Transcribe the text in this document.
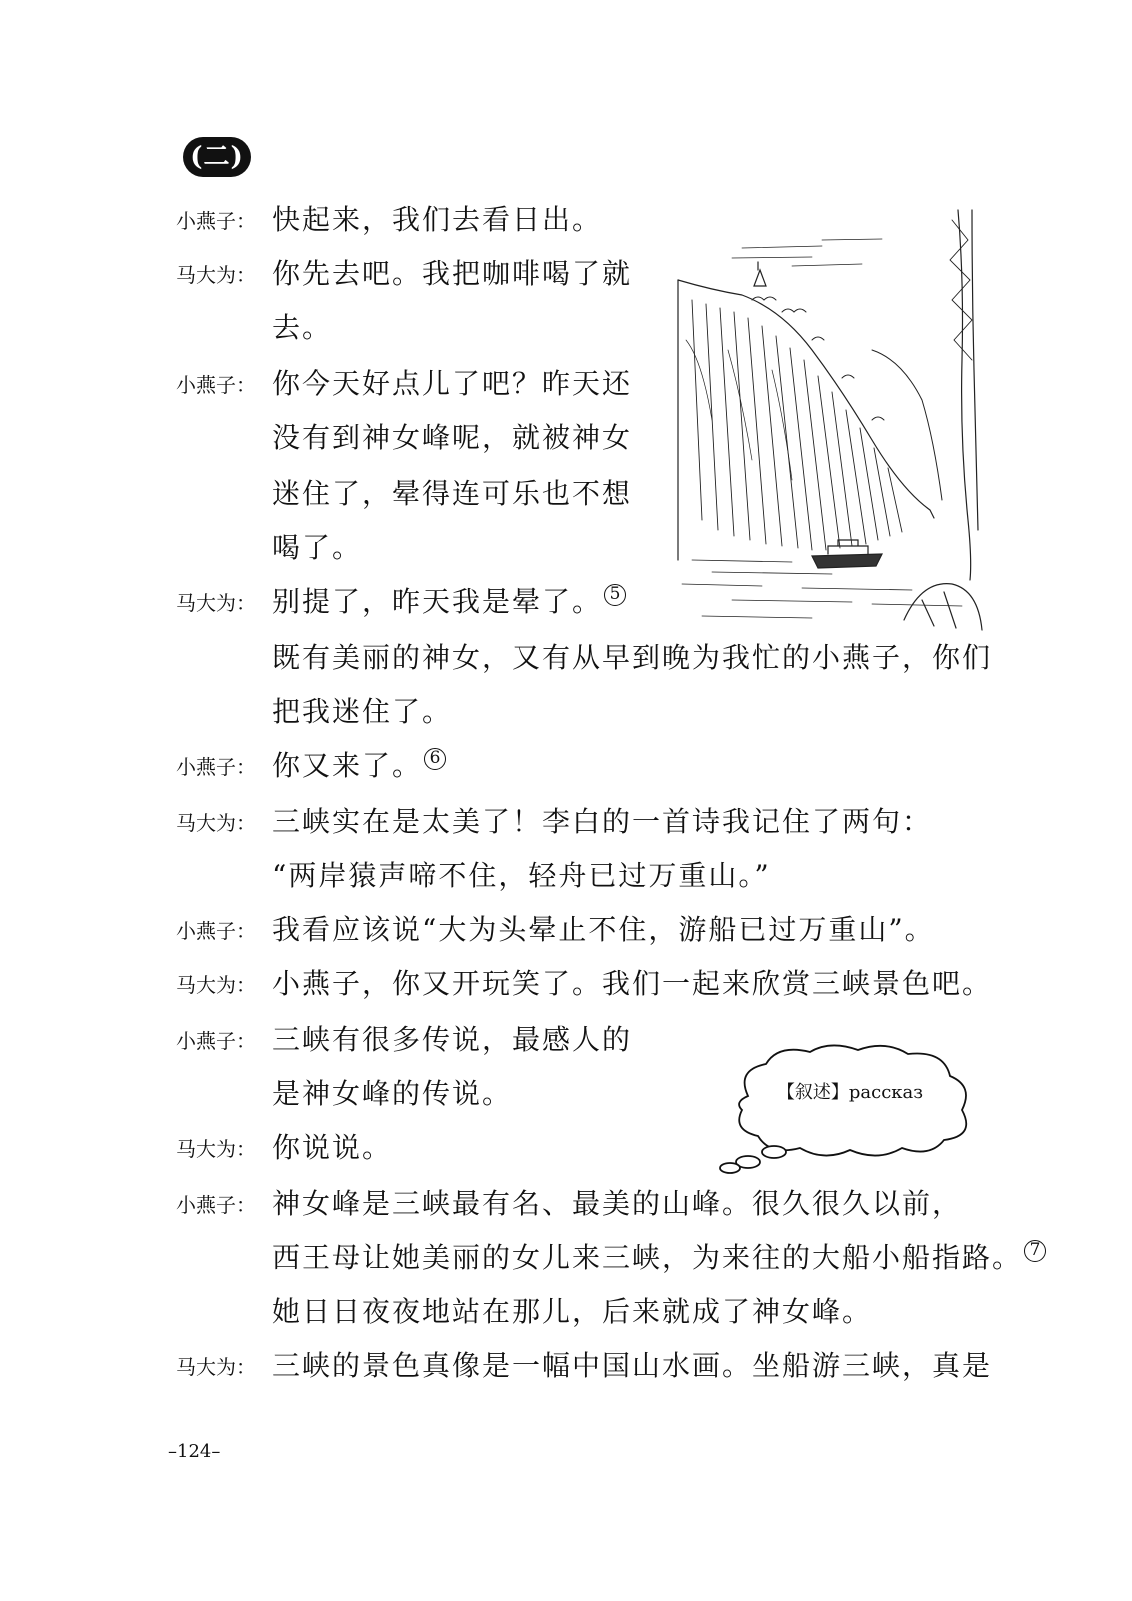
(二)
小燕子： 快起来，我们去看日出。
马大为： 你先去吧。我把咖啡喝了就
去。
小燕子： 你今天好点儿了吧？昨天还
没有到神女峰呢，就被神女
迷住了，晕得连可乐也不想
喝了。
马大为： 别提了，昨天我是晕了。 5
既有美丽的神女，又有从早到晚为我忙的小燕子，你们
把我迷住了。
小燕子： 你又来了。 6
马大为： 三峡实在是太美了！李白的一首诗我记住了两句：
“两岸猿声啼不住，轻舟已过万重山。”
小燕子： 我看应该说“大为头晕止不住，游船已过万重山”。
马大为： 小燕子，你又开玩笑了。我们一起来欣赏三峡景色吧。
小燕子： 三峡有很多传说，最感人的
是神女峰的传说。
马大为： 你说说。
小燕子： 神女峰是三峡最有名、最美的山峰。很久很久以前，
西王母让她美丽的女儿来三峡，为来往的大船小船指路。 7
她日日夜夜地站在那儿，后来就成了神女峰。
马大为： 三峡的景色真像是一幅中国山水画。坐船游三峡，真是
【叙述】рассказ
–124–
